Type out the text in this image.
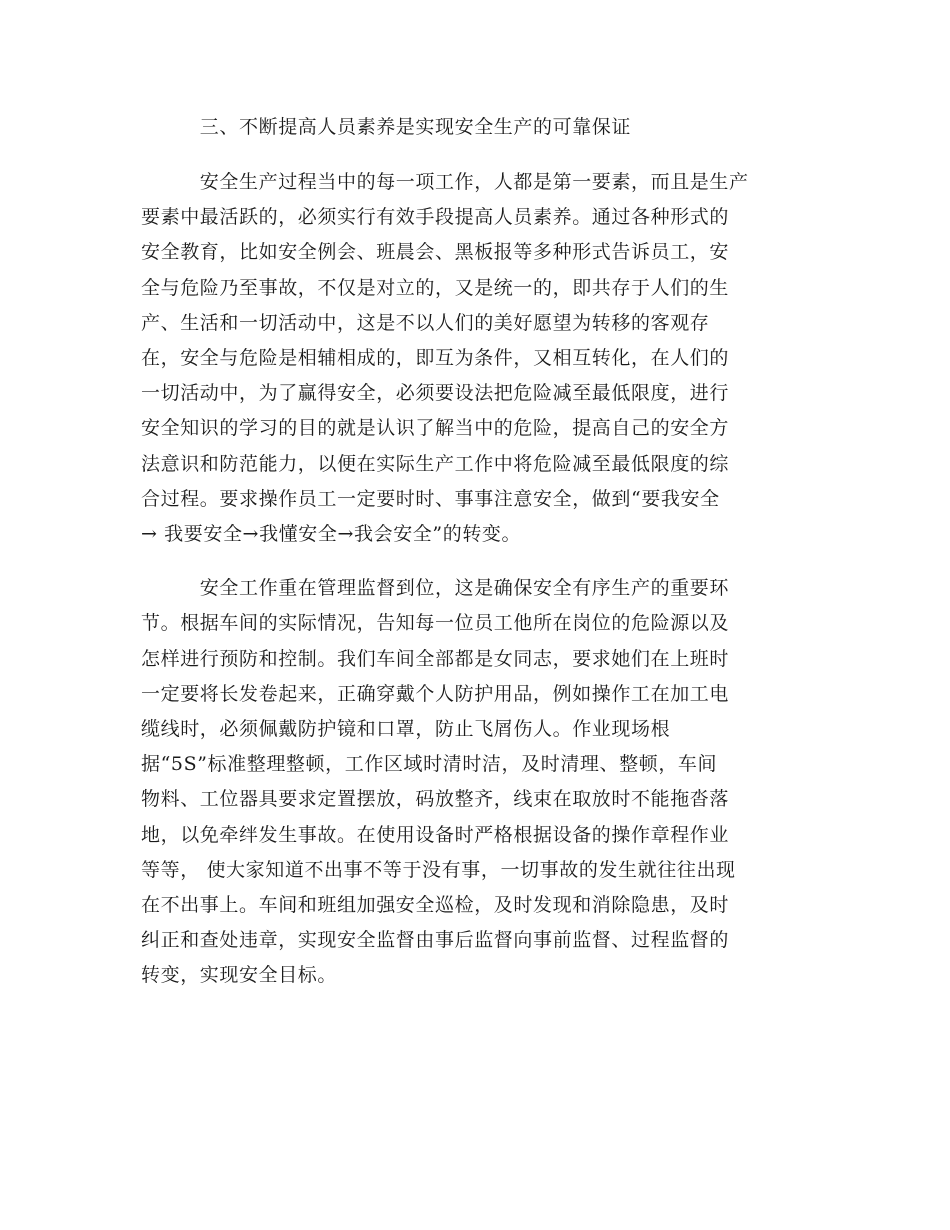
　　　三、不断提高人员素养是实现安全生产的可靠保证
　　　安全生产过程当中的每一项工作，人都是第一要素，而且是生产
要素中最活跃的，必须实行有效手段提高人员素养。通过各种形式的
安全教育，比如安全例会、班晨会、黑板报等多种形式告诉员工，安
全与危险乃至事故，不仅是对立的，又是统一的，即共存于人们的生
产、生活和一切活动中，这是不以人们的美好愿望为转移的客观存
在，安全与危险是相辅相成的，即互为条件，又相互转化，在人们的
一切活动中，为了赢得安全，必须要设法把危险减至最低限度，进行
安全知识的学习的目的就是认识了解当中的危险，提高自己的安全方
法意识和防范能力，以便在实际生产工作中将危险减至最低限度的综
合过程。要求操作员工一定要时时、事事注意安全，做到“要我安全
→ 我要安全→我懂安全→我会安全”的转变。
　　　安全工作重在管理监督到位，这是确保安全有序生产的重要环
节。根据车间的实际情况，告知每一位员工他所在岗位的危险源以及
怎样进行预防和控制。我们车间全部都是女同志，要求她们在上班时
一定要将长发卷起来，正确穿戴个人防护用品，例如操作工在加工电
缆线时，必须佩戴防护镜和口罩，防止飞屑伤人。作业现场根
据“5S”标准整理整顿，工作区域时清时洁，及时清理、整顿，车间
物料、工位器具要求定置摆放，码放整齐，线束在取放时不能拖沓落
地，以免牵绊发生事故。在使用设备时严格根据设备的操作章程作业
等等， 使大家知道不出事不等于没有事，一切事故的发生就往往出现
在不出事上。车间和班组加强安全巡检，及时发现和消除隐患，及时
纠正和查处违章，实现安全监督由事后监督向事前监督、过程监督的
转变，实现安全目标。
